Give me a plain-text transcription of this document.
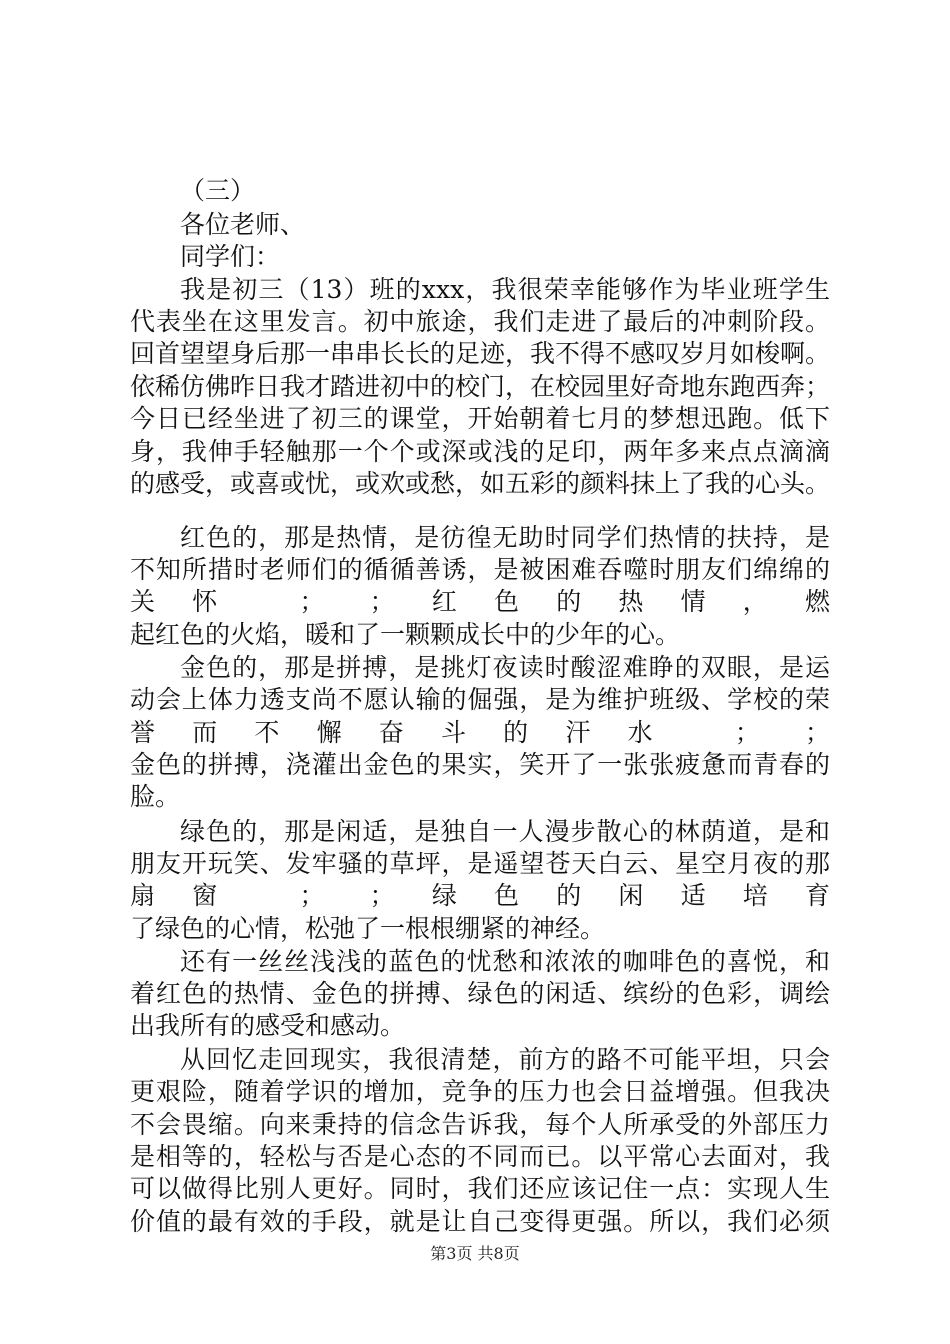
（三）
各位老师、
同学们：
我是初三（13）班的xxx，我很荣幸能够作为毕业班学生
代表坐在这里发言。初中旅途，我们走进了最后的冲刺阶段。
回首望望身后那一串串长长的足迹，我不得不感叹岁月如梭啊。
依稀仿佛昨日我才踏进初中的校门，在校园里好奇地东跑西奔；
今日已经坐进了初三的课堂，开始朝着七月的梦想迅跑。低下
身，我伸手轻触那一个个或深或浅的足印，两年多来点点滴滴
的感受，或喜或忧，或欢或愁，如五彩的颜料抹上了我的心头。
红色的，那是热情，是彷徨无助时同学们热情的扶持，是
不知所措时老师们的循循善诱，是被困难吞噬时朋友们绵绵的
关怀 ； ；红色的热情，燃
起红色的火焰，暖和了一颗颗成长中的少年的心。
金色的，那是拼搏，是挑灯夜读时酸涩难睁的双眼，是运
动会上体力透支尚不愿认输的倔强，是为维护班级、学校的荣
誉而不懈奋斗的汗水 ； ；
金色的拼搏，浇灌出金色的果实，笑开了一张张疲惫而青春的
脸。
绿色的，那是闲适，是独自一人漫步散心的林荫道，是和
朋友开玩笑、发牢骚的草坪，是遥望苍天白云、星空月夜的那
扇窗 ； ；绿色的闲适培育
了绿色的心情，松弛了一根根绷紧的神经。
还有一丝丝浅浅的蓝色的忧愁和浓浓的咖啡色的喜悦，和
着红色的热情、金色的拼搏、绿色的闲适、缤纷的色彩，调绘
出我所有的感受和感动。
从回忆走回现实，我很清楚，前方的路不可能平坦，只会
更艰险，随着学识的增加，竞争的压力也会日益增强。但我决
不会畏缩。向来秉持的信念告诉我，每个人所承受的外部压力
是相等的，轻松与否是心态的不同而已。以平常心去面对，我
可以做得比别人更好。同时，我们还应该记住一点：实现人生
价值的最有效的手段，就是让自己变得更强。所以，我们必须
第3页 共8页
